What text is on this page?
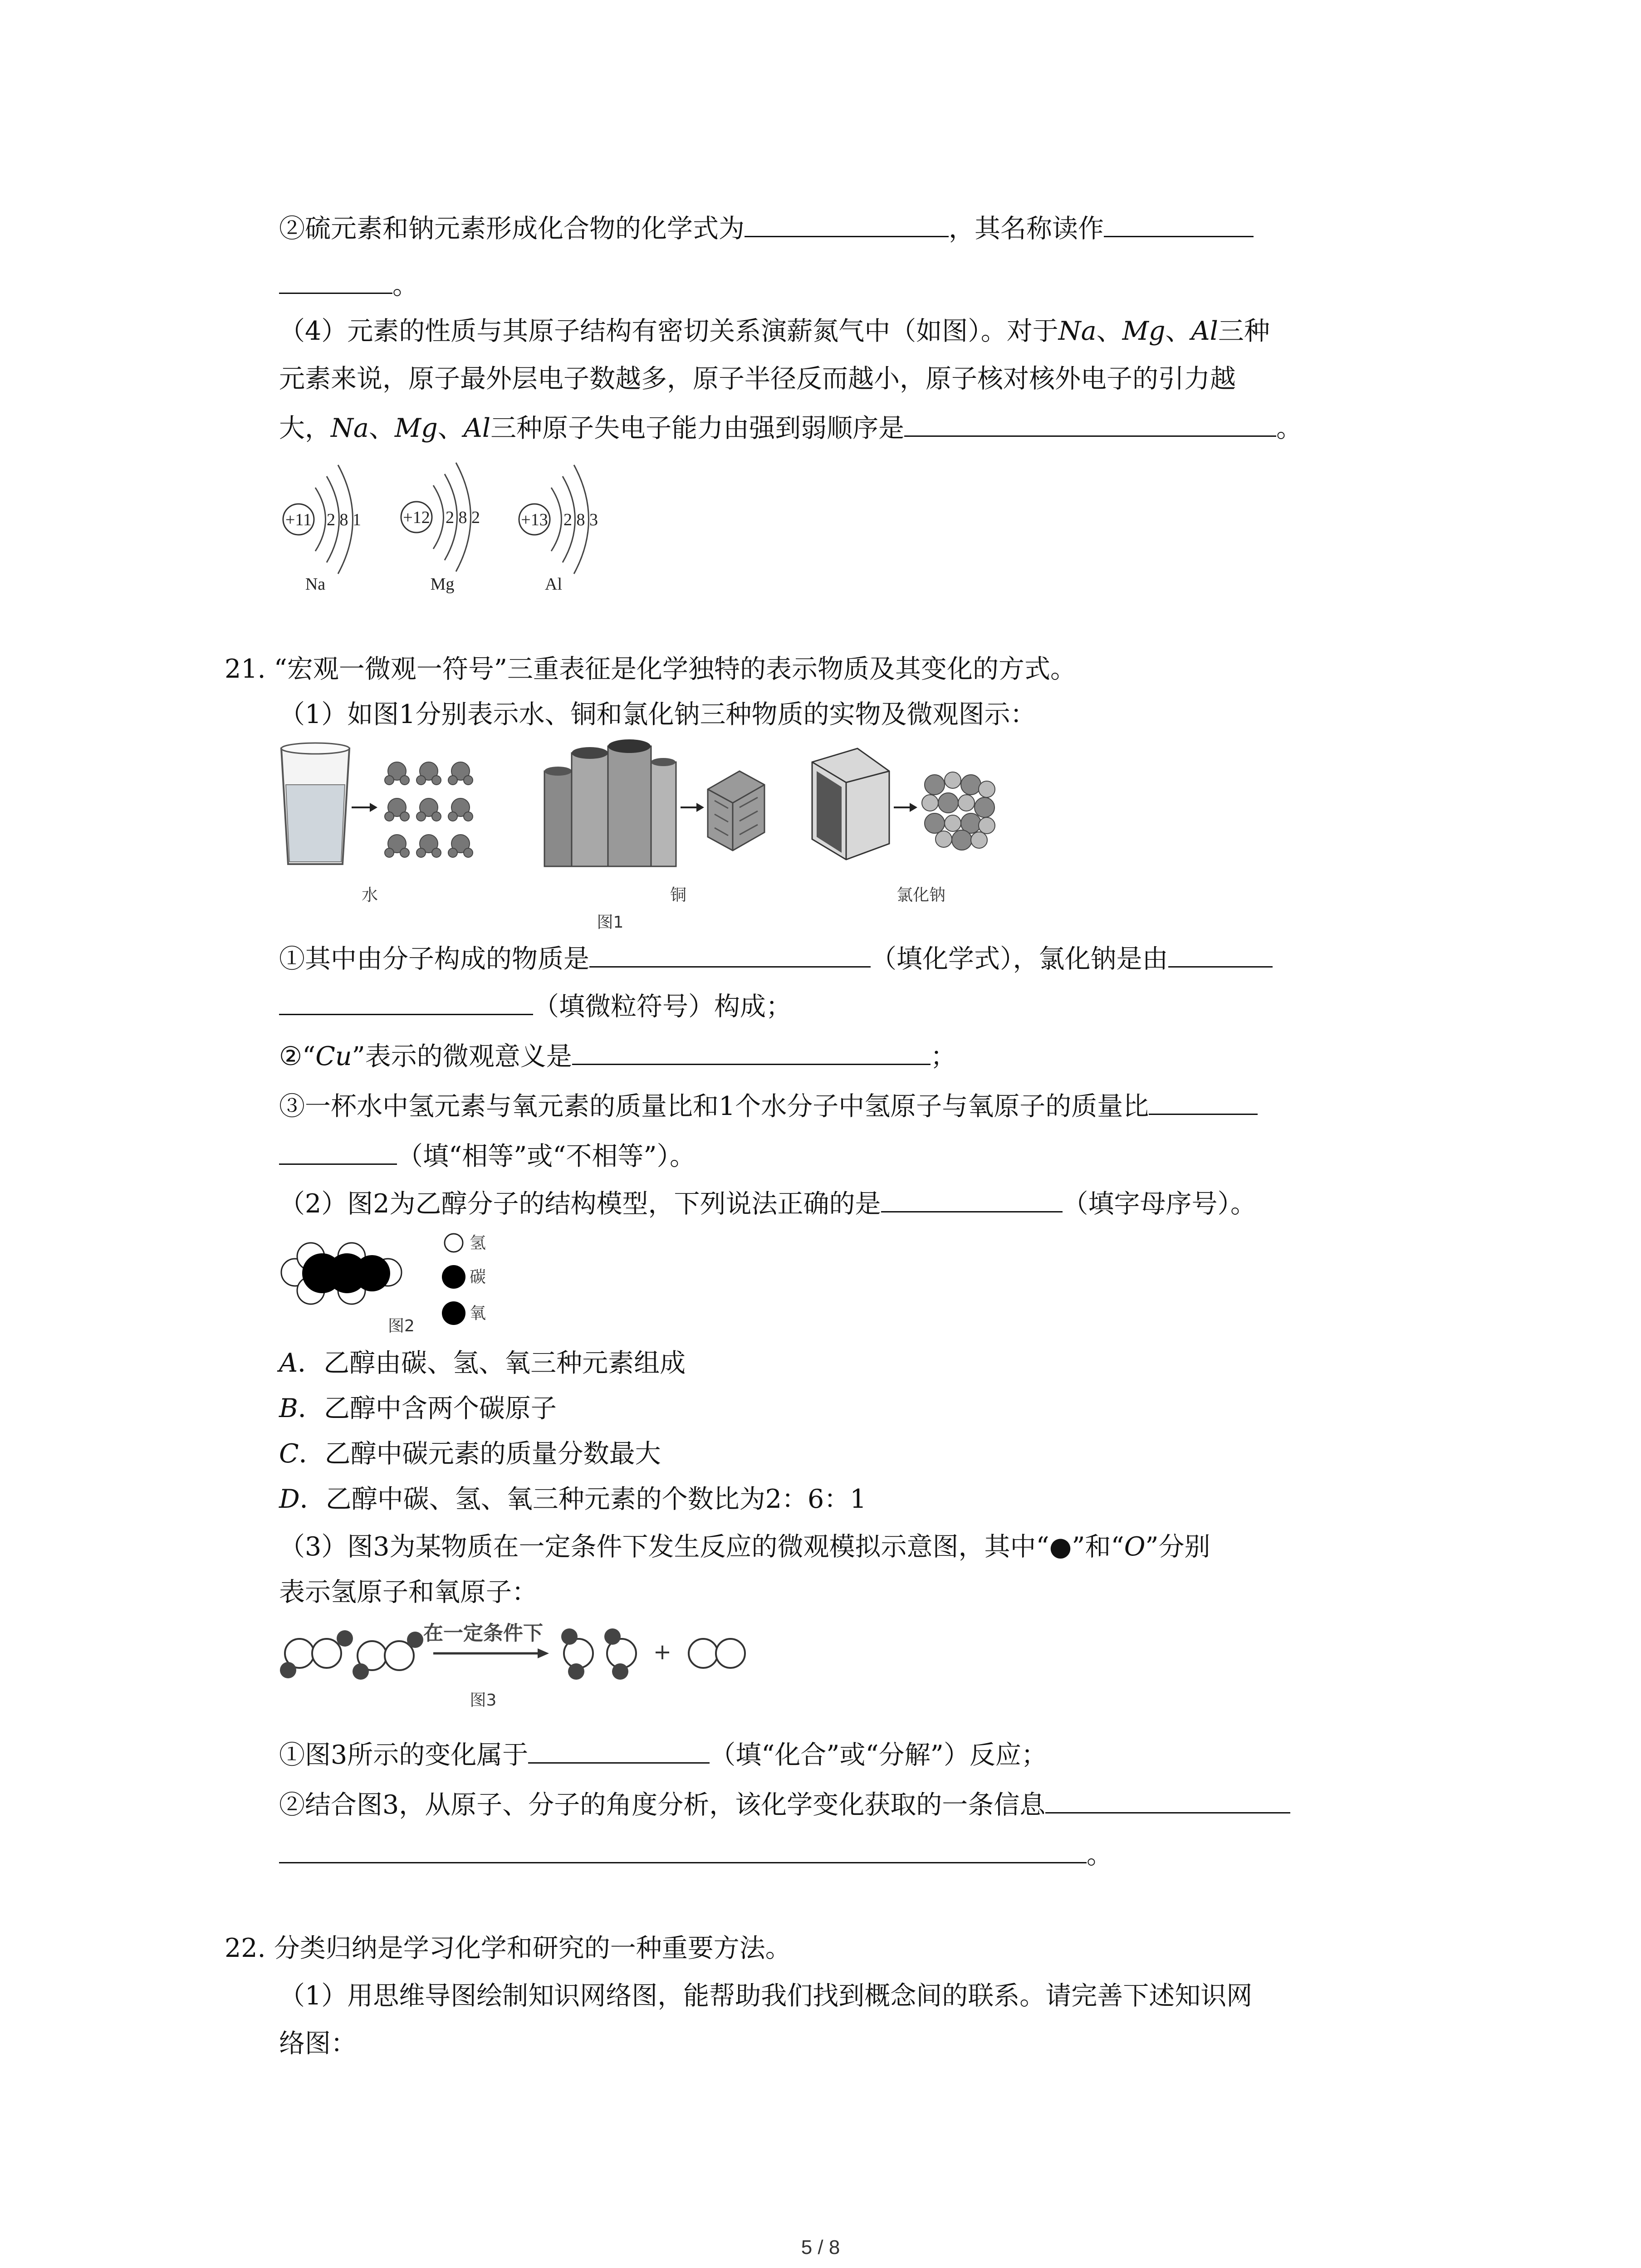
②硫元素和钠元素形成化合物的化学式为	，其名称读作
。
（4）元素的性质与其原子结构有密切关系演薪氮气中（如图）。对于Na、Mg、Al三种
元素来说，原子最外层电子数越多，原子半径反而越小，原子核对核外电子的引力越
大，Na、Mg、Al三种原子失电子能力由强到弱顺序是	。
+11 2 8 1
Na
+12 2 8 2
Mg
+13 2 8 3
Al
21. “宏观一微观一符号”三重表征是化学独特的表示物质及其变化的方式。
（1）如图1分别表示水、铜和氯化钠三种物质的实物及微观图示：
水	铜	氯化钠
图1
①其中由分子构成的物质是	（填化学式），氯化钠是由
（填微粒符号）构成；
②“Cu”表示的微观意义是	；
③一杯水中氢元素与氧元素的质量比和1个水分子中氢原子与氧原子的质量比
（填“相等”或“不相等”）。
（2）图2为乙醇分子的结构模型，下列说法正确的是	（填字母序号）。
图2
氢
碳
氧
A．乙醇由碳、氢、氧三种元素组成
B．乙醇中含两个碳原子
C．乙醇中碳元素的质量分数最大
D．乙醇中碳、氢、氧三种元素的个数比为2：6：1
（3）图3为某物质在一定条件下发生反应的微观模拟示意图，其中“●”和“O”分别
表示氢原子和氧原子：
在一定条件下
+
图3
①图3所示的变化属于	（填“化合”或“分解”）反应；
②结合图3，从原子、分子的角度分析，该化学变化获取的一条信息
。
22. 分类归纳是学习化学和研究的一种重要方法。
（1）用思维导图绘制知识网络图，能帮助我们找到概念间的联系。请完善下述知识网
络图：
5 / 8
